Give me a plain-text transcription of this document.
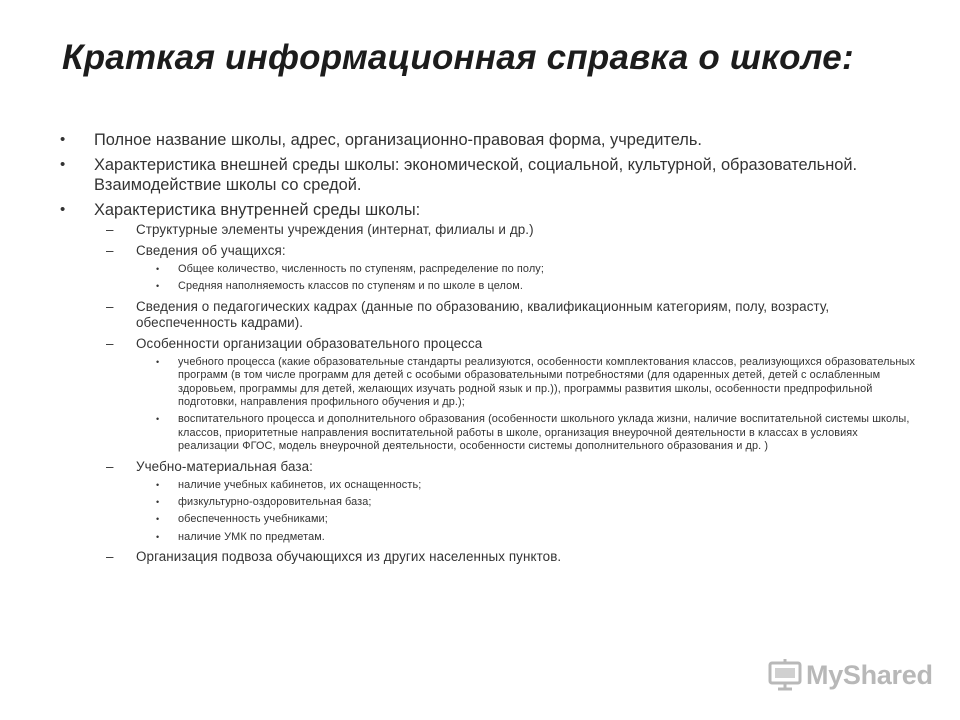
Краткая информационная справка о школе:
• Полное название школы, адрес, организационно-правовая форма, учредитель.
• Характеристика внешней среды школы: экономической, социальной, культурной, образовательной. Взаимодействие школы со средой.
• Характеристика внутренней среды школы:
– Структурные элементы учреждения (интернат, филиалы и др.)
– Сведения об учащихся:
• Общее количество, численность по ступеням, распределение по полу;
• Средняя наполняемость классов по ступеням и по школе в целом.
– Сведения о педагогических кадрах (данные по образованию, квалификационным категориям, полу, возрасту, обеспеченность кадрами).
– Особенности организации образовательного процесса
• учебного процесса (какие образовательные стандарты реализуются, особенности комплектования классов, реализующихся образовательных программ (в том числе программ для детей с особыми образовательными потребностями (для одаренных детей, детей с ослабленным здоровьем, программы для детей, желающих изучать родной язык и пр.)), программы развития школы, особенности предпрофильной подготовки, направления профильного обучения и др.);
• воспитательного процесса и дополнительного образования (особенности школьного уклада жизни, наличие воспитательной системы школы, классов, приоритетные направления воспитательной работы в школе, организация внеурочной деятельности в классах в условиях реализации ФГОС, модель внеурочной деятельности, особенности системы дополнительного образования и др. )
– Учебно-материальная база:
• наличие учебных кабинетов, их оснащенность;
• физкультурно-оздоровительная база;
• обеспеченность учебниками;
• наличие УМК по предметам.
– Организация подвоза обучающихся из других населенных пунктов.
MyShared
